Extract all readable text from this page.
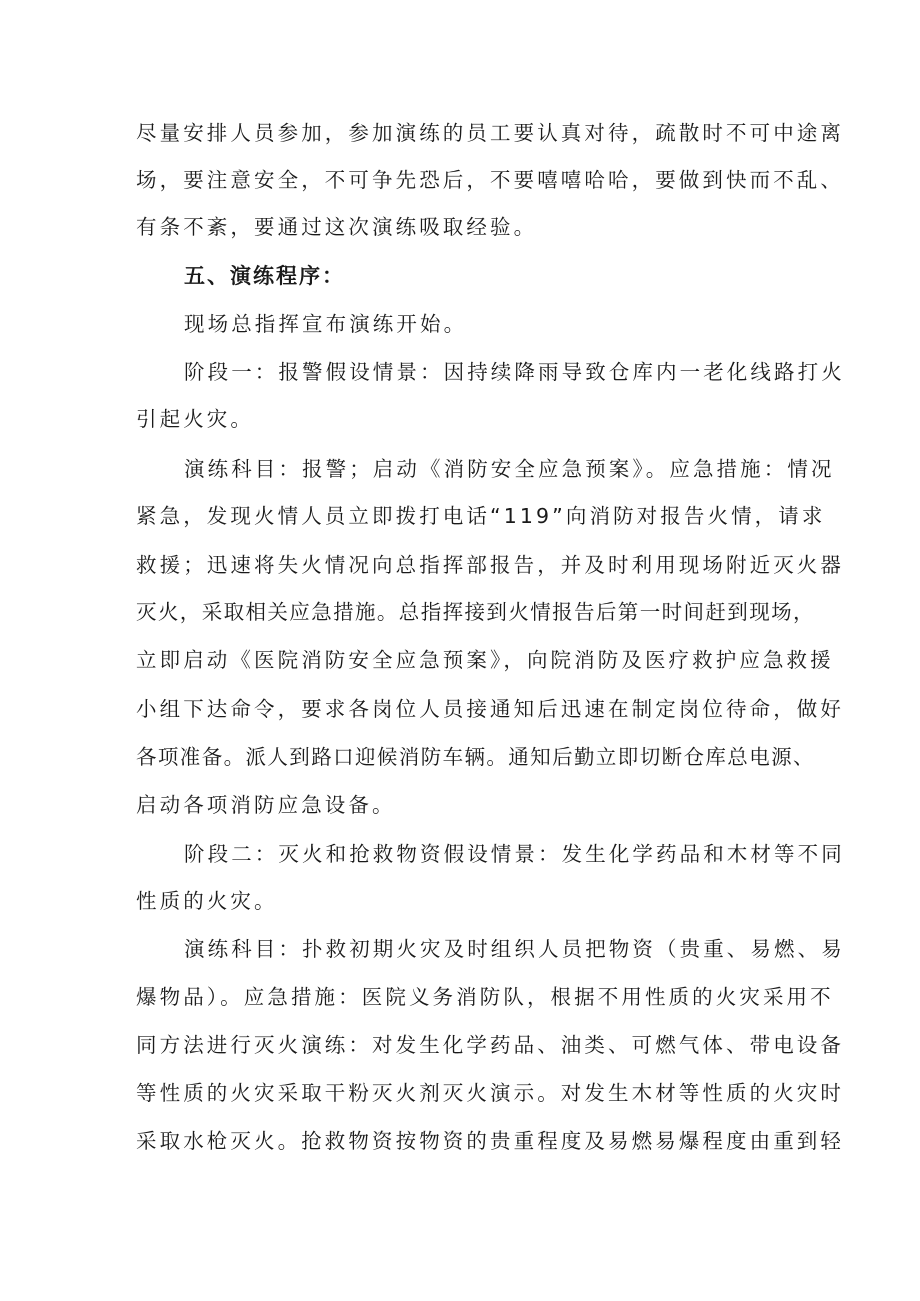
尽量安排人员参加，参加演练的员工要认真对待，疏散时不可中途离
场，要注意安全，不可争先恐后，不要嘻嘻哈哈，要做到快而不乱、
有条不紊，要通过这次演练吸取经验。
五、演练程序：
现场总指挥宣布演练开始。
阶段一：报警假设情景：因持续降雨导致仓库内一老化线路打火
引起火灾。
演练科目：报警；启动《消防安全应急预案》。应急措施：情况
紧急，发现火情人员立即拨打电话“119”向消防对报告火情，请求
救援；迅速将失火情况向总指挥部报告，并及时利用现场附近灭火器
灭火，采取相关应急措施。总指挥接到火情报告后第一时间赶到现场，
立即启动《医院消防安全应急预案》，向院消防及医疗救护应急救援
小组下达命令，要求各岗位人员接通知后迅速在制定岗位待命，做好
各项准备。派人到路口迎候消防车辆。通知后勤立即切断仓库总电源、
启动各项消防应急设备。
阶段二：灭火和抢救物资假设情景：发生化学药品和木材等不同
性质的火灾。
演练科目：扑救初期火灾及时组织人员把物资（贵重、易燃、易
爆物品）。应急措施：医院义务消防队，根据不用性质的火灾采用不
同方法进行灭火演练：对发生化学药品、油类、可燃气体、带电设备
等性质的火灾采取干粉灭火剂灭火演示。对发生木材等性质的火灾时
采取水枪灭火。抢救物资按物资的贵重程度及易燃易爆程度由重到轻
